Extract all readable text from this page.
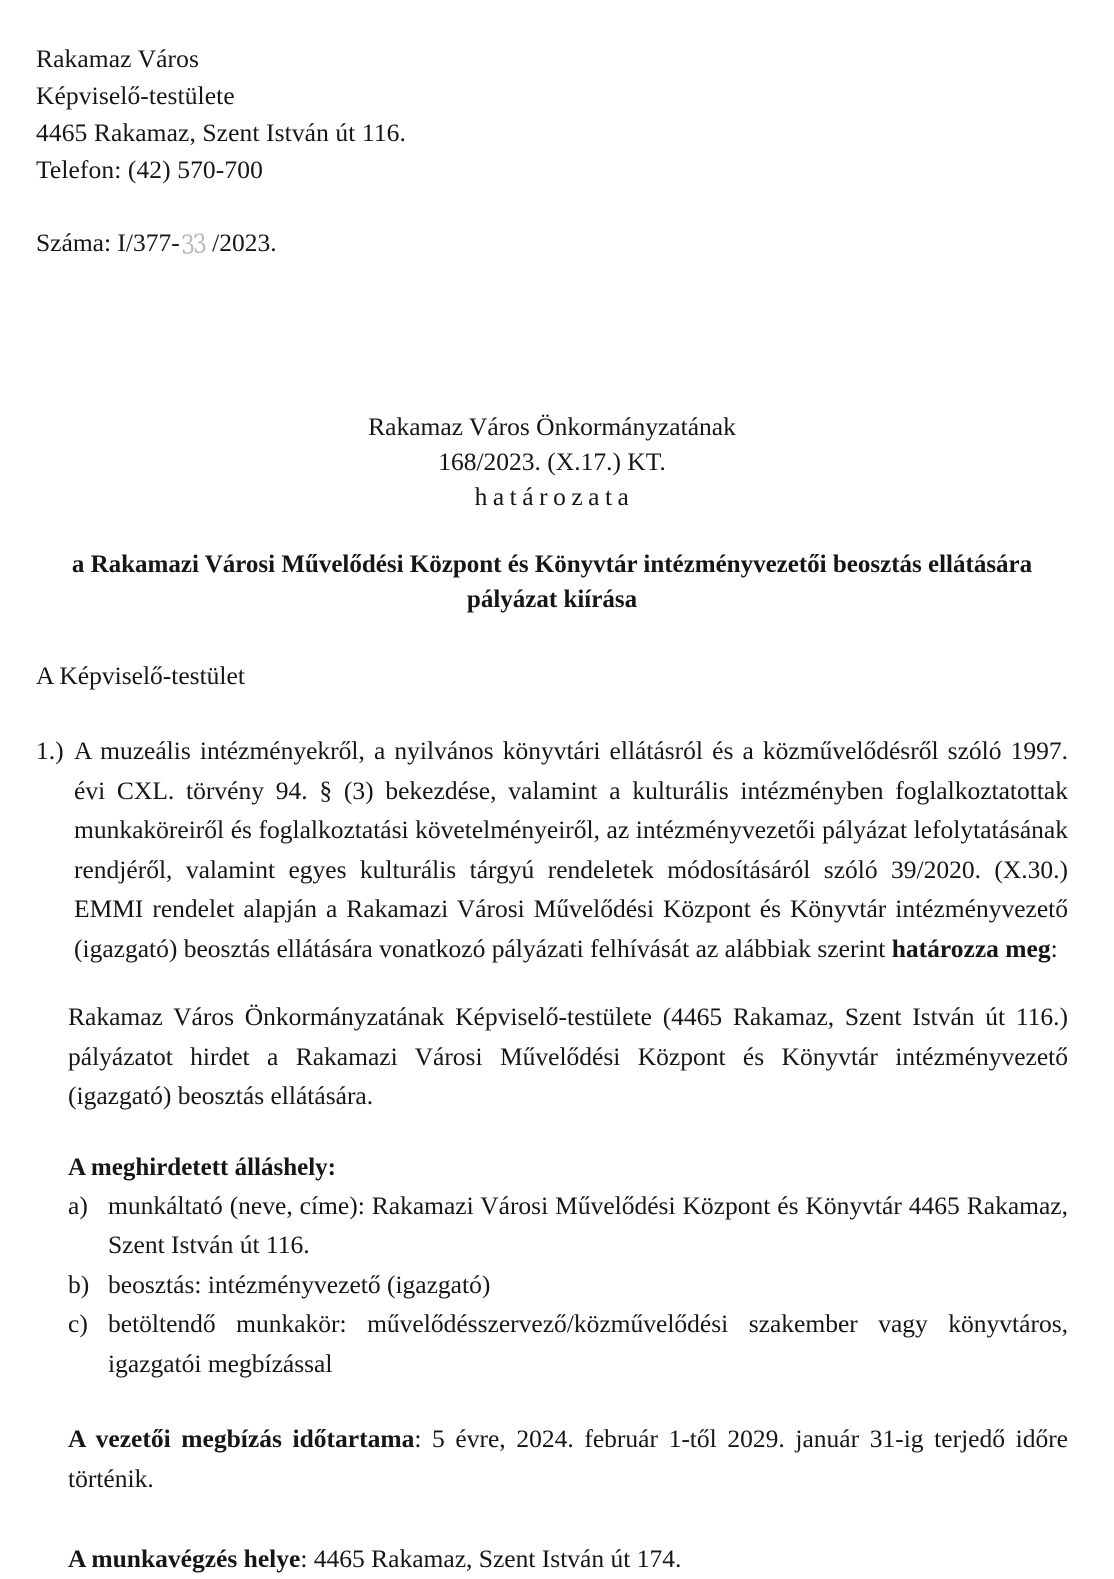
Rakamaz Város
Képviselő-testülete
4465 Rakamaz, Szent István út 116.
Telefon: (42) 570-700
Száma: I/377-33 /2023.
Rakamaz Város Önkormányzatának
168/2023. (X.17.) KT.
határozata
a Rakamazi Városi Művelődési Központ és Könyvtár intézményvezetői beosztás ellátására pályázat kiírása
A Képviselő-testület
1.) A muzeális intézményekről, a nyilvános könyvtári ellátásról és a közművelődésről szóló 1997. évi CXL. törvény 94. § (3) bekezdése, valamint a kulturális intézményben foglalkoztatottak munkaköreiről és foglalkoztatási követelményeiről, az intézményvezetői pályázat lefolytatásának rendjéről, valamint egyes kulturális tárgyú rendeletek módosításáról szóló 39/2020. (X.30.) EMMI rendelet alapján a Rakamazi Városi Művelődési Központ és Könyvtár intézményvezető (igazgató) beosztás ellátására vonatkozó pályázati felhívását az alábbiak szerint határozza meg:
Rakamaz Város Önkormányzatának Képviselő-testülete (4465 Rakamaz, Szent István út 116.) pályázatot hirdet a Rakamazi Városi Művelődési Központ és Könyvtár intézményvezető (igazgató) beosztás ellátására.
A meghirdetett álláshely:
a) munkáltató (neve, címe): Rakamazi Városi Művelődési Központ és Könyvtár 4465 Rakamaz, Szent István út 116.
b) beosztás: intézményvezető (igazgató)
c) betöltendő munkakör: művelődésszervező/közművelődési szakember vagy könyvtáros, igazgatói megbízással
A vezetői megbízás időtartama: 5 évre, 2024. február 1-től 2029. január 31-ig terjedő időre történik.
A munkavégzés helye: 4465 Rakamaz, Szent István út 174.
